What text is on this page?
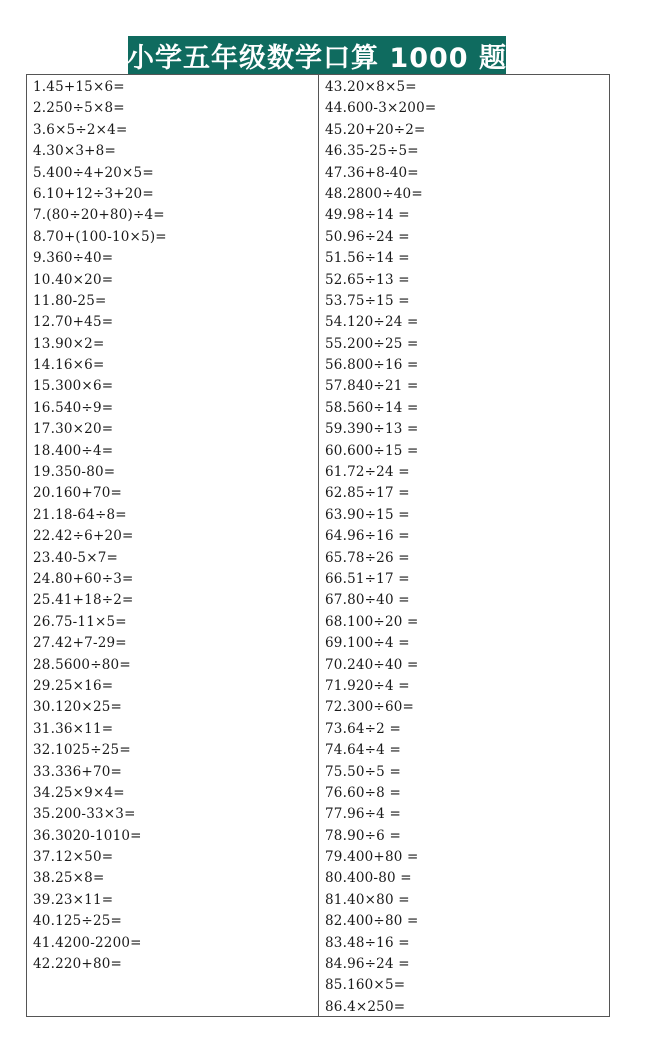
小学五年级数学口算 1000 题
1.45+15×6=
2.250÷5×8=
3.6×5÷2×4=
4.30×3+8=
5.400÷4+20×5=
6.10+12÷3+20=
7.(80÷20+80)÷4=
8.70+(100-10×5)=
9.360÷40=
10.40×20=
11.80-25=
12.70+45=
13.90×2=
14.16×6=
15.300×6=
16.540÷9=
17.30×20=
18.400÷4=
19.350-80=
20.160+70=
21.18-64÷8=
22.42÷6+20=
23.40-5×7=
24.80+60÷3=
25.41+18÷2=
26.75-11×5=
27.42+7-29=
28.5600÷80=
29.25×16=
30.120×25=
31.36×11=
32.1025÷25=
33.336+70=
34.25×9×4=
35.200-33×3=
36.3020-1010=
37.12×50=
38.25×8=
39.23×11=
40.125÷25=
41.4200-2200=
42.220+80=
43.20×8×5=
44.600-3×200=
45.20+20÷2=
46.35-25÷5=
47.36+8-40=
48.2800÷40=
49.98÷14 =
50.96÷24 =
51.56÷14 =
52.65÷13 =
53.75÷15 =
54.120÷24 =
55.200÷25 =
56.800÷16 =
57.840÷21 =
58.560÷14 =
59.390÷13 =
60.600÷15 =
61.72÷24 =
62.85÷17 =
63.90÷15 =
64.96÷16 =
65.78÷26 =
66.51÷17 =
67.80÷40 =
68.100÷20 =
69.100÷4 =
70.240÷40 =
71.920÷4 =
72.300÷60=
73.64÷2 =
74.64÷4 =
75.50÷5 =
76.60÷8 =
77.96÷4 =
78.90÷6 =
79.400+80 =
80.400-80 =
81.40×80 =
82.400÷80 =
83.48÷16 =
84.96÷24 =
85.160×5=
86.4×250=
